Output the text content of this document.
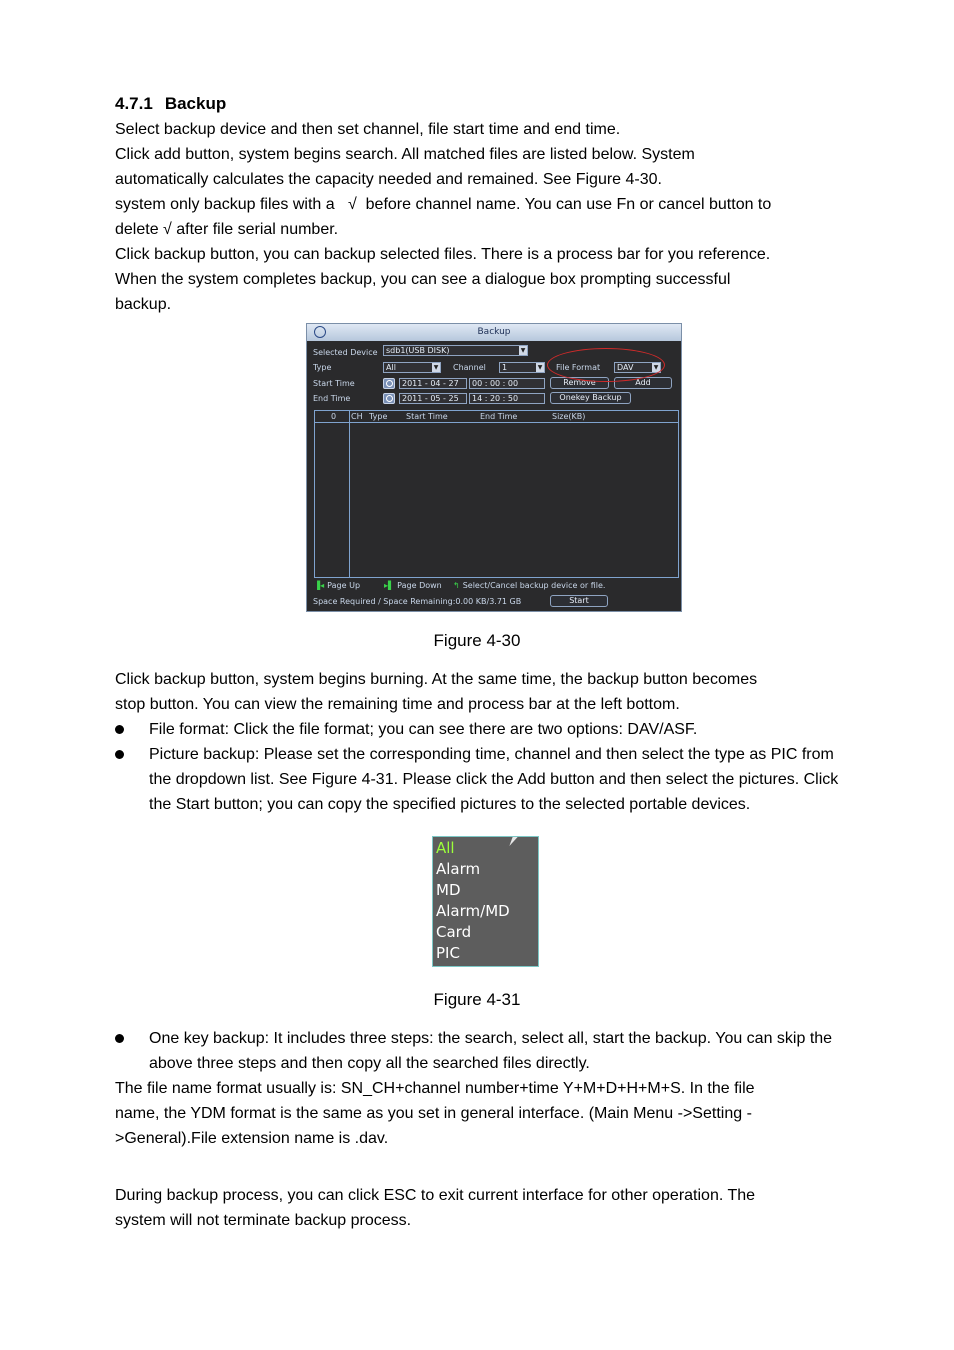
4.7.1 Backup
Select backup device and then set channel, file start time and end time.
Click add button, system begins search. All matched files are listed below. System
automatically calculates the capacity needed and remained. See Figure 4-30.
system only backup files with a   √  before channel name. You can use Fn or cancel button to
delete √ after file serial number.
Click backup button, you can backup selected files. There is a process bar for you reference.
When the system completes backup, you can see a dialogue box prompting successful
backup.
Backup
Selected Device	sdb1(USB DISK)	▼
Type	All	▼ Channel	1	▼ File Format	DAV	▼
Start Time	2011 - 04 - 27	00 : 00 : 00	Remove	Add
End Time	2011 - 05 - 25	14 : 20 : 50	Onekey Backup
0 CH Type Start Time	End Time	Size(KB)
▐◂ Page Up	▸▌ Page Down ↰ Select/Cancel backup device or file.
Space Required / Space Remaining:0.00 KB/3.71 GB	Start
Figure 4-30
Click backup button, system begins burning. At the same time, the backup button becomes
stop button. You can view the remaining time and process bar at the left bottom.
File format: Click the file format; you can see there are two options: DAV/ASF.
Picture backup: Please set the corresponding time, channel and then select the type as PIC from the dropdown list. See Figure 4-31. Please click the Add button and then select the pictures. Click the Start button; you can copy the specified pictures to the selected portable devices.
All
Alarm
MD
Alarm/MD
Card
PIC
Figure 4-31
One key backup: It includes three steps: the search, select all, start the backup. You can skip the above three steps and then copy all the searched files directly.
The file name format usually is: SN_CH+channel number+time Y+M+D+H+M+S. In the file
name, the YDM format is the same as you set in general interface. (Main Menu ->Setting -
>General).File extension name is .dav.
During backup process, you can click ESC to exit current interface for other operation. The
system will not terminate backup process.
